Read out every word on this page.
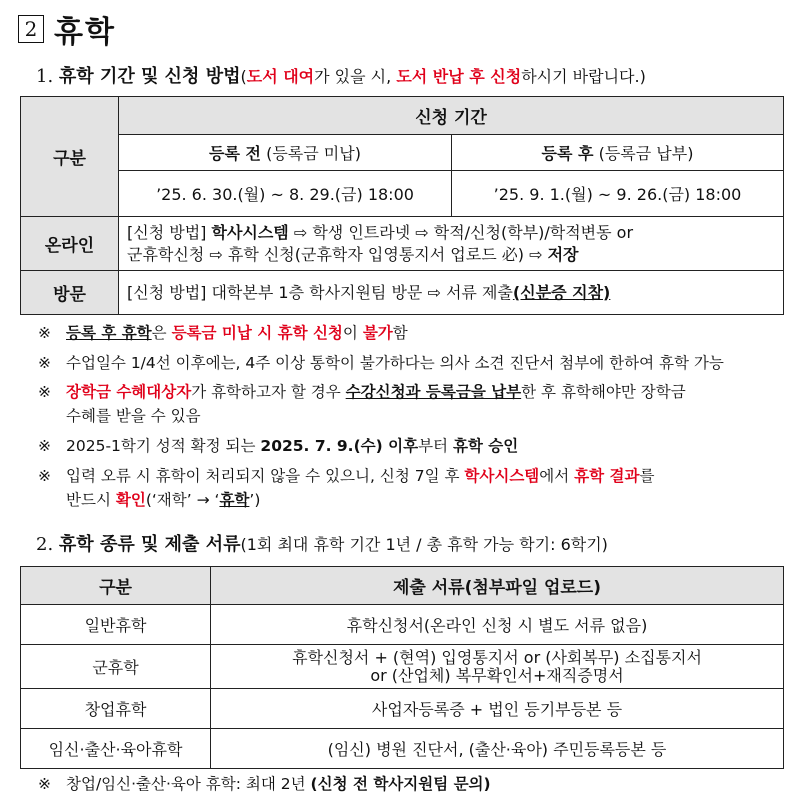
2 휴학
1. 휴학 기간 및 신청 방법(도서 대여가 있을 시, 도서 반납 후 신청하시기 바랍니다.)
구분	신청 기간	
	등록 전 (등록금 미납)	등록 후 (등록금 납부)
	’25. 6. 30.(월) ~ 8. 29.(금) 18:00	’25. 9. 1.(월) ~ 9. 26.(금) 18:00
온라인	[신청 방법] 학사시스템 ⇨ 학생 인트라넷 ⇨ 학적/신청(학부)/학적변동 or
군휴학신청 ⇨ 휴학 신청(군휴학자 입영통지서 업로드 必) ⇨ 저장	

방문	[신청 방법] 대학본부 1층 학사지원팀 방문 ⇨ 서류 제출(신분증 지참)	
※ 등록 후 휴학은 등록금 미납 시 휴학 신청이 불가함
※ 수업일수 1/4선 이후에는, 4주 이상 통학이 불가하다는 의사 소견 진단서 첨부에 한하여 휴학 가능
※ 장학금 수혜대상자가 휴학하고자 할 경우 수강신청과 등록금을 납부한 후 휴학해야만 장학금
수혜를 받을 수 있음
※ 2025-1학기 성적 확정 되는 2025. 7. 9.(수) 이후부터 휴학 승인
※ 입력 오류 시 휴학이 처리되지 않을 수 있으니, 신청 7일 후 학사시스템에서 휴학 결과를
반드시 확인(‘재학’ → ‘휴학’)
2. 휴학 종류 및 제출 서류(1회 최대 휴학 기간 1년 / 총 휴학 가능 학기: 6학기)
구분	제출 서류(첨부파일 업로드)
일반휴학	휴학신청서(온라인 신청 시 별도 서류 없음)
군휴학	휴학신청서 + (현역) 입영통지서 or (사회복무) 소집통지서
or (산업체) 복무확인서+재직증명서

창업휴학	사업자등록증 + 법인 등기부등본 등
임신·출산·육아휴학	(임신) 병원 진단서, (출산·육아) 주민등록등본 등
※ 창업/임신·출산·육아 휴학: 최대 2년 (신청 전 학사지원팀 문의)
